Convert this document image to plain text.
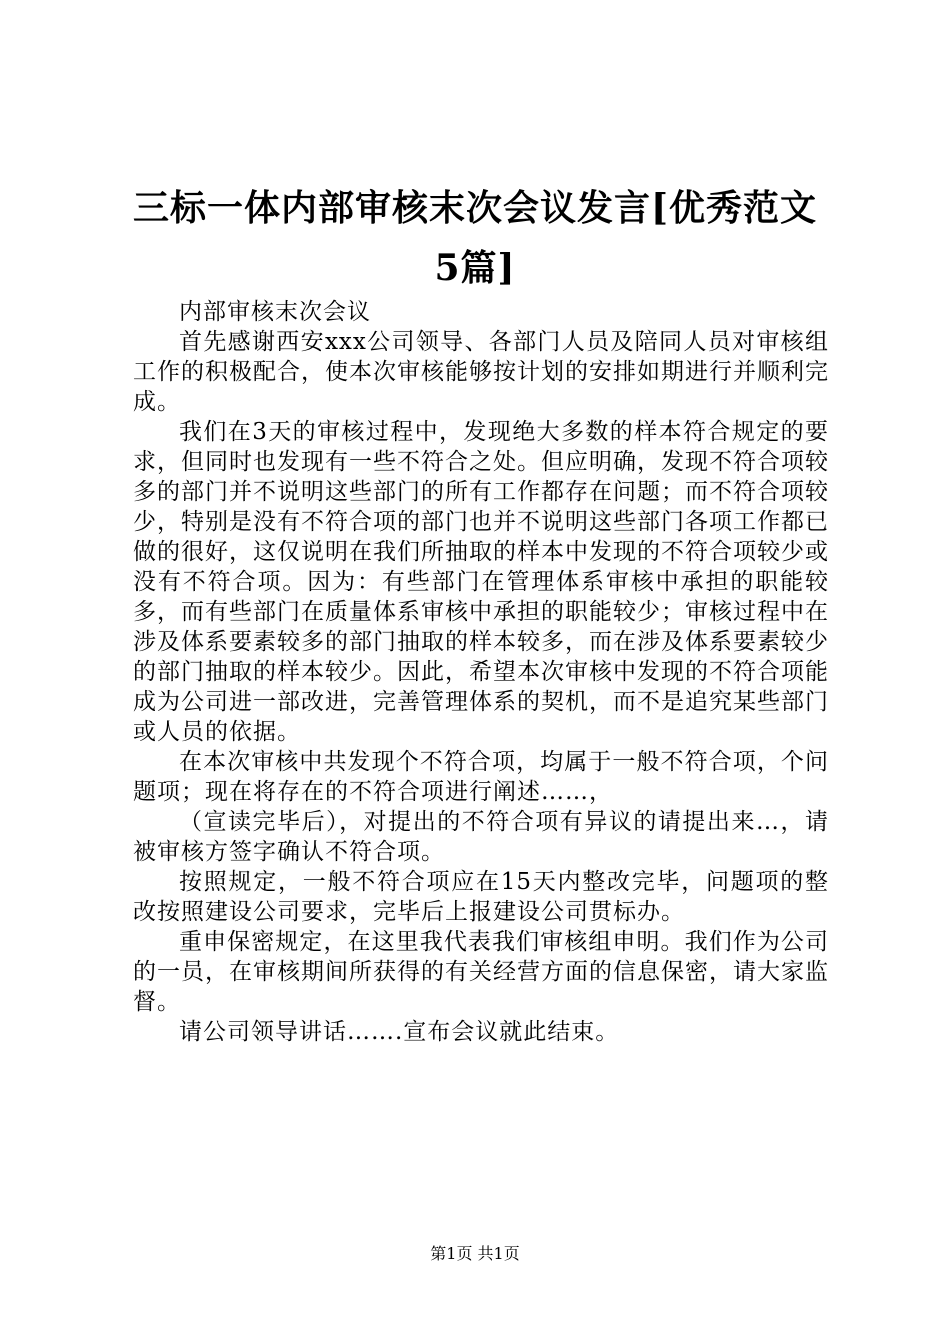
三标一体内部审核末次会议发言[优秀范文5篇]

内部审核末次会议

首先感谢西安xxx公司领导、各部门人员及陪同人员对审核组工作的积极配合，使本次审核能够按计划的安排如期进行并顺利完成。

我们在3天的审核过程中，发现绝大多数的样本符合规定的要求，但同时也发现有一些不符合之处。但应明确，发现不符合项较多的部门并不说明这些部门的所有工作都存在问题；而不符合项较少，特别是没有不符合项的部门也并不说明这些部门各项工作都已做的很好，这仅说明在我们所抽取的样本中发现的不符合项较少或没有不符合项。因为：有些部门在管理体系审核中承担的职能较多，而有些部门在质量体系审核中承担的职能较少；审核过程中在涉及体系要素较多的部门抽取的样本较多，而在涉及体系要素较少的部门抽取的样本较少。因此，希望本次审核中发现的不符合项能成为公司进一部改进，完善管理体系的契机，而不是追究某些部门或人员的依据。

在本次审核中共发现个不符合项，均属于一般不符合项，个问题项；现在将存在的不符合项进行阐述……，

（宣读完毕后），对提出的不符合项有异议的请提出来…，请被审核方签字确认不符合项。

按照规定，一般不符合项应在15天内整改完毕，问题项的整改按照建设公司要求，完毕后上报建设公司贯标办。

重申保密规定，在这里我代表我们审核组申明。我们作为公司的一员，在审核期间所获得的有关经营方面的信息保密，请大家监督。

请公司领导讲话…….宣布会议就此结束。

第1页 共1页
